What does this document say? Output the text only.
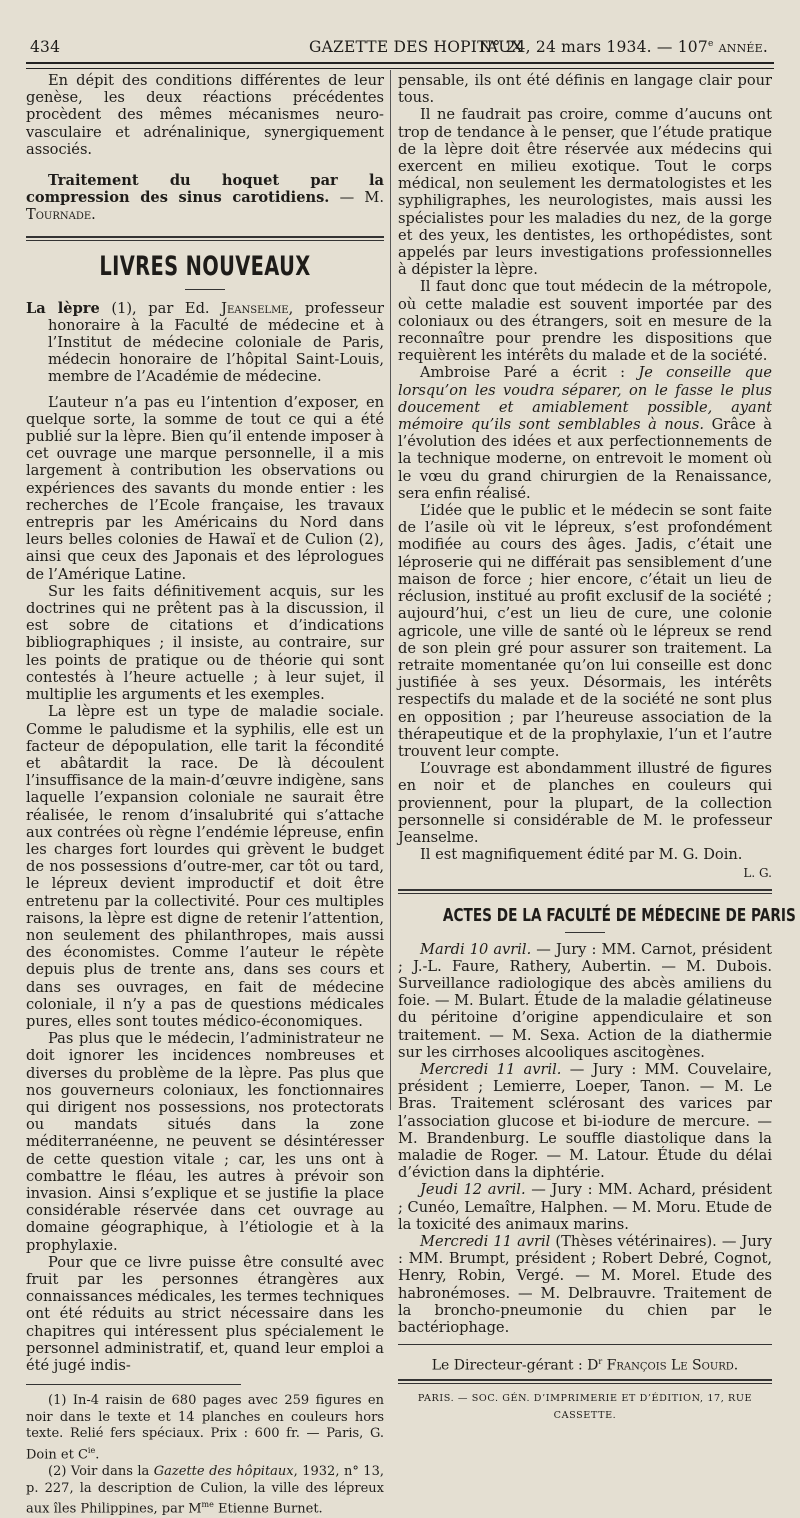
434	GAZETTE DES HOPITAUX
N° 24, 24 mars 1934. — 107e année.

En dépit des conditions différentes de leur genèse, les deux réactions précédentes procèdent des mêmes mécanismes neuro-vasculaire et adrénalinique, synergiquement associés.

Traitement du hoquet par la compression des sinus carotidiens. — M. Tournade.

LIVRES NOUVEAUX

La lèpre (1), par Ed. Jeanselme, professeur honoraire à la Faculté de médecine et à l’Institut de médecine coloniale de Paris, médecin honoraire de l’hôpital Saint-Louis, membre de l’Académie de médecine.

L’auteur n’a pas eu l’intention d’exposer, en quelque sorte, la somme de tout ce qui a été publié sur la lèpre. Bien qu’il entende imposer à cet ouvrage une marque personnelle, il a mis largement à contribution les observations ou expériences des savants du monde entier : les recherches de l’Ecole française, les travaux entrepris par les Américains du Nord dans leurs belles colonies de Hawaï et de Culion (2), ainsi que ceux des Japonais et des léprologues de l’Amérique Latine.

Sur les faits définitivement acquis, sur les doctrines qui ne prêtent pas à la discussion, il est sobre de citations et d’indications bibliographiques ; il insiste, au contraire, sur les points de pratique ou de théorie qui sont contestés à l’heure actuelle ; à leur sujet, il multiplie les arguments et les exemples.

La lèpre est un type de maladie sociale. Comme le paludisme et la syphilis, elle est un facteur de dépopulation, elle tarit la fécondité et abâtardit la race. De là découlent l’insuffisance de la main-d’œuvre indigène, sans laquelle l’expansion coloniale ne saurait être réalisée, le renom d’insalubrité qui s’attache aux contrées où règne l’endémie lépreuse, enfin les charges fort lourdes qui grèvent le budget de nos possessions d’outre-mer, car tôt ou tard, le lépreux devient improductif et doit être entretenu par la collectivité. Pour ces multiples raisons, la lèpre est digne de retenir l’attention, non seulement des philanthropes, mais aussi des économistes. Comme l’auteur le répète depuis plus de trente ans, dans ses cours et dans ses ouvrages, en fait de médecine coloniale, il n’y a pas de questions médicales pures, elles sont toutes médico-économiques.

Pas plus que le médecin, l’administrateur ne doit ignorer les incidences nombreuses et diverses du problème de la lèpre. Pas plus que nos gouverneurs coloniaux, les fonctionnaires qui dirigent nos possessions, nos protectorats ou mandats situés dans la zone méditerranéenne, ne peuvent se désintéresser de cette question vitale ; car, les uns ont à combattre le fléau, les autres à prévoir son invasion. Ainsi s’explique et se justifie la place considérable réservée dans cet ouvrage au domaine géographique, à l’étiologie et à la prophylaxie.

Pour que ce livre puisse être consulté avec fruit par les personnes étrangères aux connaissances médicales, les termes techniques ont été réduits au strict nécessaire dans les chapitres qui intéressent plus spécialement le personnel administratif, et, quand leur emploi a été jugé indis-

(1) In-4 raisin de 680 pages avec 259 figures en noir dans le texte et 14 planches en couleurs hors texte. Relié fers spéciaux. Prix : 600 fr. — Paris, G. Doin et $C^{ie}$.

(2) Voir dans la Gazette des hôpitaux, 1932, n° 13, p. 227, la description de Culion, la ville des lépreux aux îles Philippines, par $M^{me}$ Etienne Burnet.

pensable, ils ont été définis en langage clair pour tous.

Il ne faudrait pas croire, comme d’aucuns ont trop de tendance à le penser, que l’étude pratique de la lèpre doit être réservée aux médecins qui exercent en milieu exotique. Tout le corps médical, non seulement les dermatologistes et les syphiligraphes, les neurologistes, mais aussi les spécialistes pour les maladies du nez, de la gorge et des yeux, les dentistes, les orthopédistes, sont appelés par leurs investigations professionnelles à dépister la lèpre.

Il faut donc que tout médecin de la métropole, où cette maladie est souvent importée par des coloniaux ou des étrangers, soit en mesure de la reconnaître pour prendre les dispositions que requièrent les intérêts du malade et de la société.

Ambroise Paré a écrit : Je conseille que lorsqu’on les voudra séparer, on le fasse le plus doucement et amiablement possible, ayant mémoire qu’ils sont semblables à nous. Grâce à l’évolution des idées et aux perfectionnements de la technique moderne, on entrevoit le moment où le vœu du grand chirurgien de la Renaissance, sera enfin réalisé.

L’idée que le public et le médecin se sont faite de l’asile où vit le lépreux, s’est profondément modifiée au cours des âges. Jadis, c’était une léproserie qui ne différait pas sensiblement d’une maison de force ; hier encore, c’était un lieu de réclusion, institué au profit exclusif de la société ; aujourd’hui, c’est un lieu de cure, une colonie agricole, une ville de santé où le lépreux se rend de son plein gré pour assurer son traitement. La retraite momentanée qu’on lui conseille est donc justifiée à ses yeux. Désormais, les intérêts respectifs du malade et de la société ne sont plus en opposition ; par l’heureuse association de la thérapeutique et de la prophylaxie, l’un et l’autre trouvent leur compte.

L’ouvrage est abondamment illustré de figures en noir et de planches en couleurs qui proviennent, pour la plupart, de la collection personnelle si considérable de M. le professeur Jeanselme.

Il est magnifiquement édité par M. G. Doin.

L. G.

ACTES DE LA FACULTÉ DE MÉDECINE DE PARIS

Mardi 10 avril. — Jury : MM. Carnot, président ; J.-L. Faure, Rathery, Aubertin. — M. Dubois. Surveillance radiologique des abcès amiliens du foie. — M. Bulart. Étude de la maladie gélatineuse du péritoine d’origine appendiculaire et son traitement. — M. Sexa. Action de la diathermie sur les cirrhoses alcooliques ascitogènes.

Mercredi 11 avril. — Jury : MM. Couvelaire, président ; Lemierre, Loeper, Tanon. — M. Le Bras. Traitement sclérosant des varices par l’association glucose et bi-iodure de mercure. — M. Brandenburg. Le souffle diastolique dans la maladie de Roger. — M. Latour. Étude du délai d’éviction dans la diphtérie.

Jeudi 12 avril. — Jury : MM. Achard, président ; Cunéo, Lemaître, Halphen. — M. Moru. Etude de la toxicité des animaux marins.

Mercredi 11 avril (Thèses vétérinaires). — Jury : MM. Brumpt, président ; Robert Debré, Cognot, Henry, Robin, Vergé. — M. Morel. Etude des habronémoses. — M. Delbrauvre. Traitement de la broncho-pneumonie du chien par le bactériophage.

Le Directeur-gérant : $D^r$ François Le Sourd.

PARIS. — SOC. GÉN. D’IMPRIMERIE ET D’ÉDITION, 17, RUE CASSETTE.
